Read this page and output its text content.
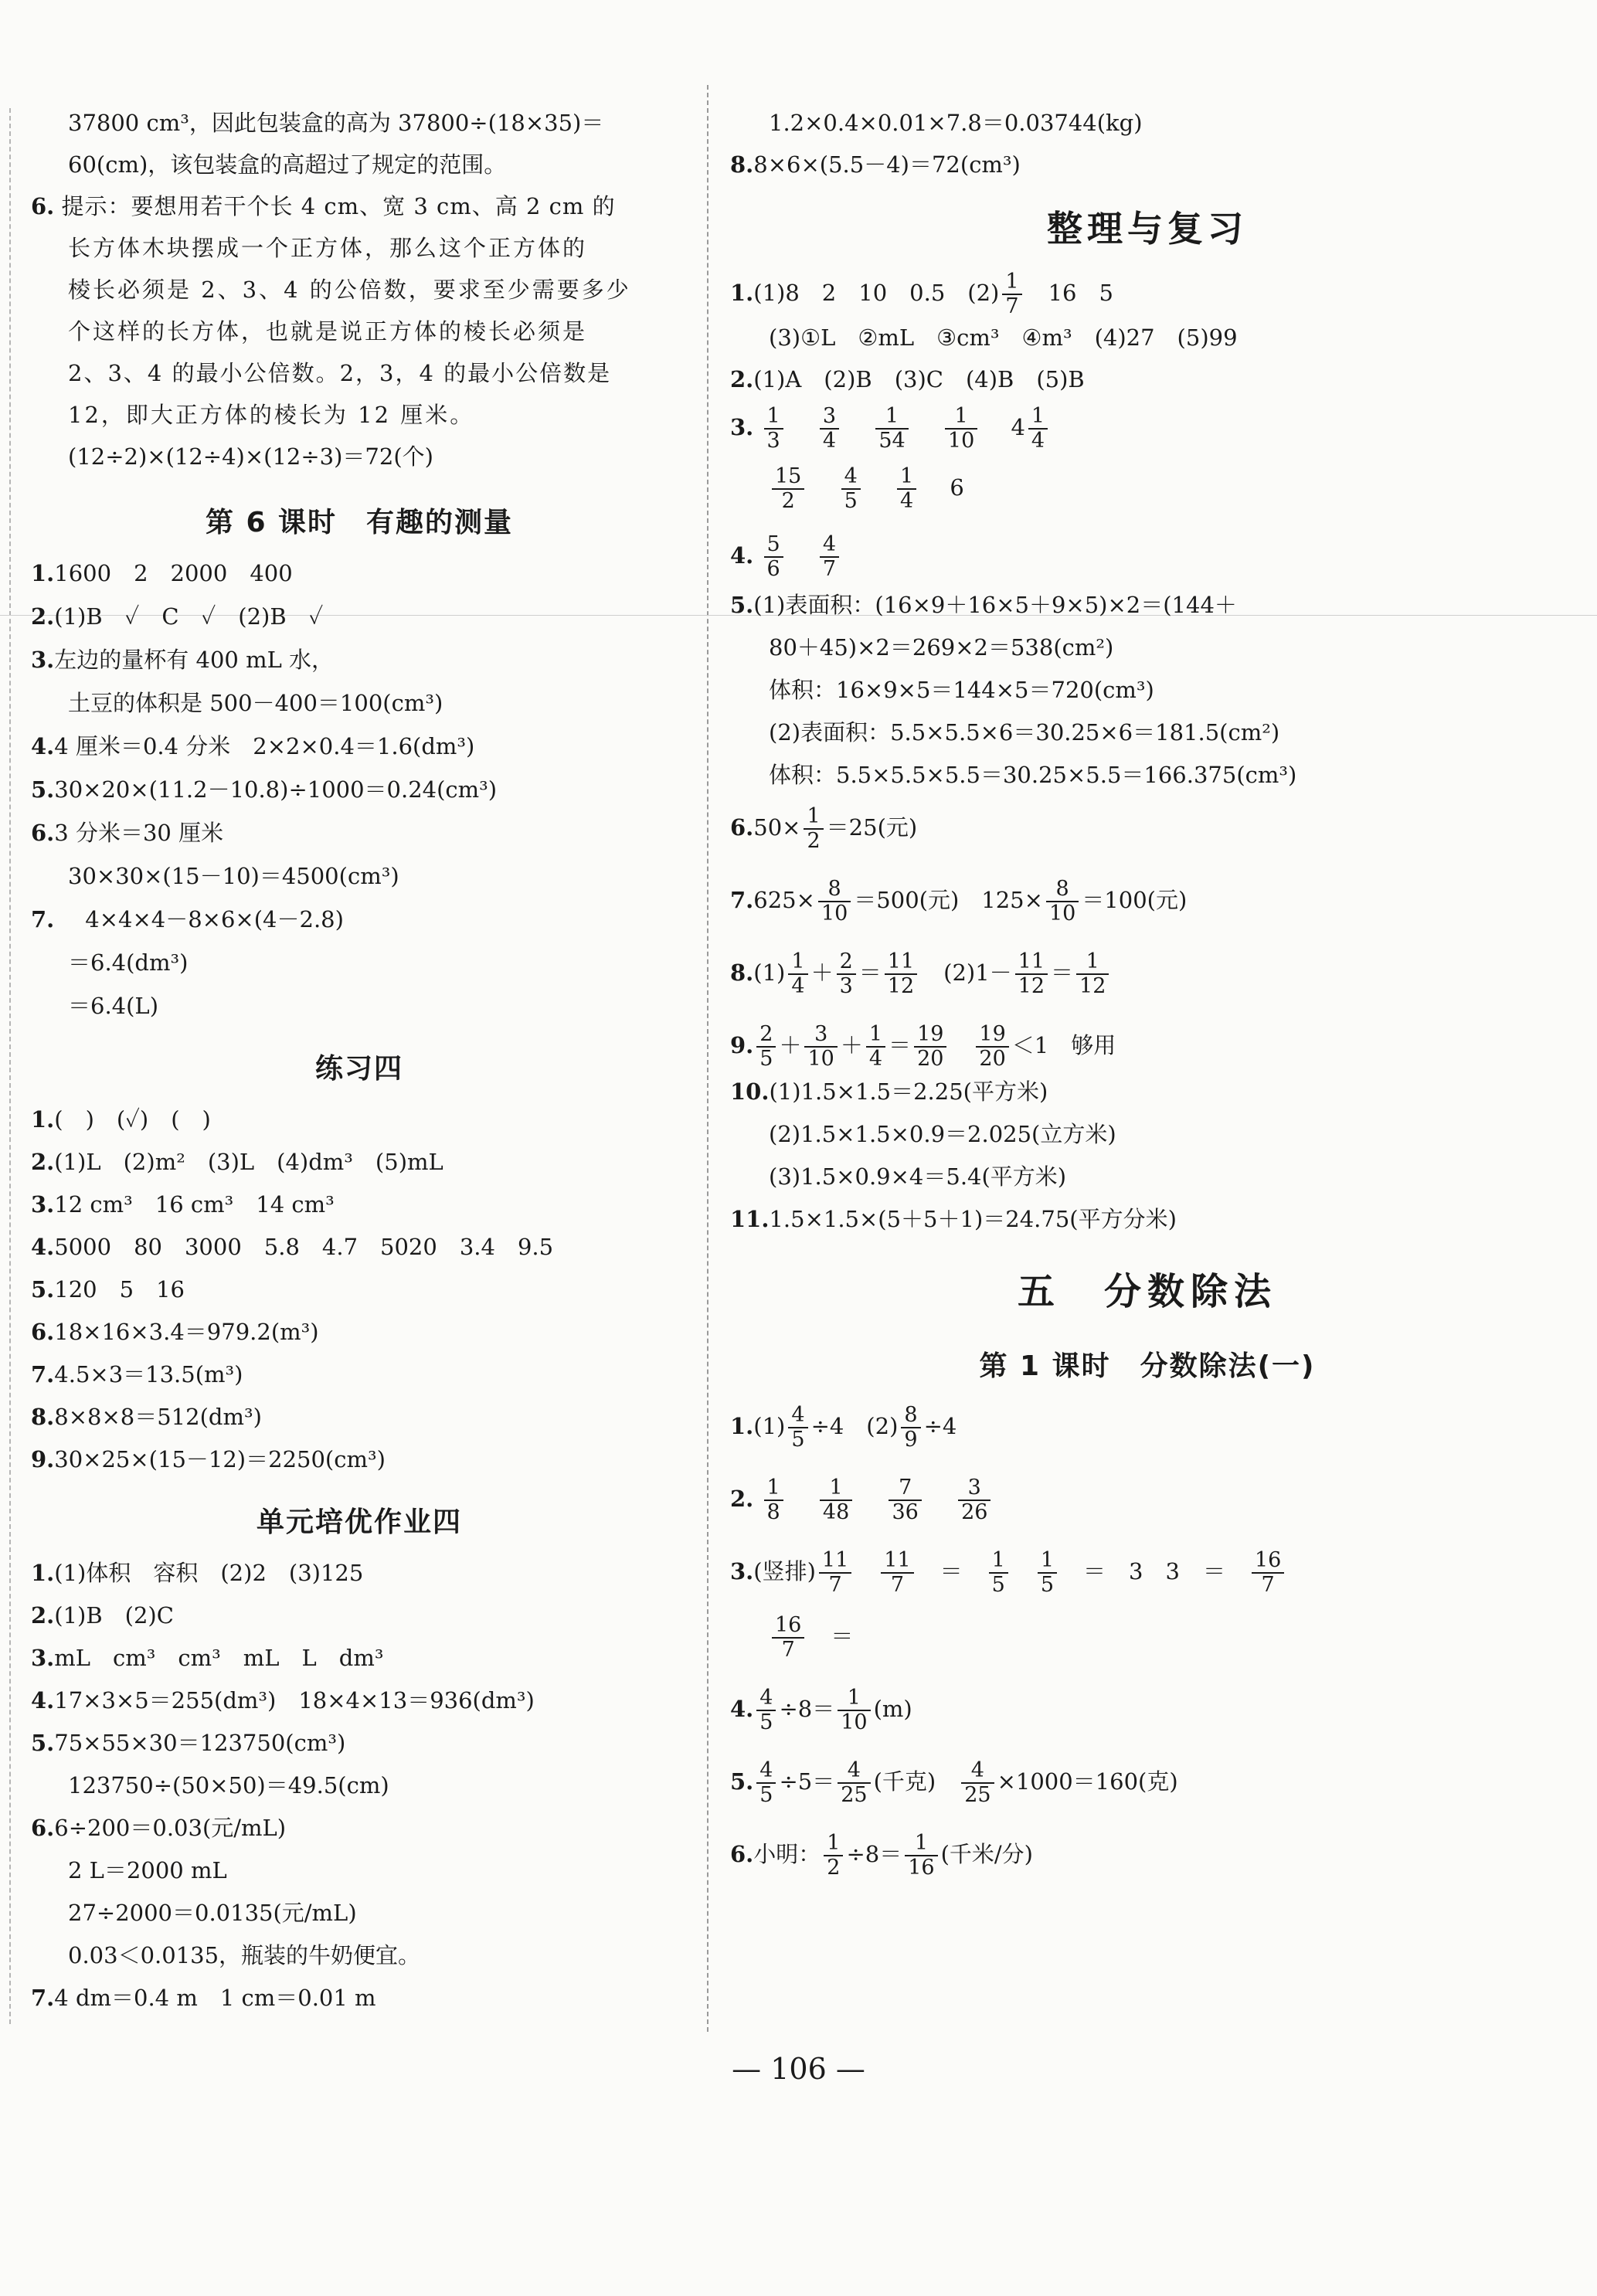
37800 cm³，因此包装盒的高为 37800÷(18×35)＝
60(cm)，该包装盒的高超过了规定的范围。
6. 提示：要想用若干个长 4 cm、宽 3 cm、高 2 cm 的
长方体木块摆成一个正方体，那么这个正方体的
棱长必须是 2、3、4 的公倍数，要求至少需要多少
个这样的长方体，也就是说正方体的棱长必须是
2、3、4 的最小公倍数。2，3，4 的最小公倍数是
12，即大正方体的棱长为 12 厘米。
(12÷2)×(12÷4)×(12÷3)＝72(个)
第 6 课时　有趣的测量
1.1600　2　2000　400
2.(1)B　✓　C　✓　(2)B　✓
3.左边的量杯有 400 mL 水，
土豆的体积是 500－400＝100(cm³)
4.4 厘米＝0.4 分米　2×2×0.4＝1.6(dm³)
5.30×20×(11.2－10.8)÷1000＝0.24(cm³)
6.3 分米＝30 厘米
30×30×(15－10)＝4500(cm³)
7. 4×4×4－8×6×(4－2.8)
＝6.4(dm³)
＝6.4(L)
练习四
1.(　)　(✓)　(　)
2.(1)L　(2)m²　(3)L　(4)dm³　(5)mL
3.12 cm³　16 cm³　14 cm³
4.5000　80　3000　5.8　4.7　5020　3.4　9.5
5.120　5　16
6.18×16×3.4＝979.2(m³)
7.4.5×3＝13.5(m³)
8.8×8×8＝512(dm³)
9.30×25×(15－12)＝2250(cm³)
单元培优作业四
1.(1)体积　容积　(2)2　(3)125
2.(1)B　(2)C
3.mL　cm³　cm³　mL　L　dm³
4.17×3×5＝255(dm³)　18×4×13＝936(dm³)
5.75×55×30＝123750(cm³)
123750÷(50×50)＝49.5(cm)
6.6÷200＝0.03(元/mL)
2 L＝2000 mL
27÷2000＝0.0135(元/mL)
0.03＜0.0135，瓶装的牛奶便宜。
7.4 dm＝0.4 m　1 cm＝0.01 m
1.2×0.4×0.01×7.8＝0.03744(kg)
8.8×6×(5.5－4)＝72(cm³)
整理与复习
1.(1)8　2　10　0.5　$(2) \frac{1}{7} 16$　5
(3)①L　②mL　③cm³　④m³　(4)27　(5)99
2.(1)A　(2)B　(3)C　(4)B　(5)B
3. $\frac{1}{3}$
$\frac{3}{4}$
$\frac{1}{54}$
$\frac{1}{10} 4 \frac{1}{4}$
$\frac{15}{2}$
$\frac{4}{5}$
$\frac{1}{4} 6$
4. $\frac{5}{6}$
$\frac{4}{7}$
5.(1)表面积：(16×9＋16×5＋9×5)×2＝(144＋
80＋45)×2＝269×2＝538(cm²)
体积：16×9×5＝144×5＝720(cm³)
(2)表面积：5.5×5.5×6＝30.25×6＝181.5(cm²)
体积：5.5×5.5×5.5＝30.25×5.5＝166.375(cm³)
$6.50\times \frac{1}{2} =25$(元)
$7.625\times \frac{8}{10} =500$(元)　$125\times \frac{8}{10} =100$(元)
$8.(1) \frac{1}{4} + \frac{2}{3} = \frac{11}{12} (2)1- \frac{11}{12} = \frac{1}{12}$
9. $\frac{2}{5} + \frac{3}{10} + \frac{1}{4} = \frac{19}{20} \frac{19}{20} <1$　够用
10.(1)1.5×1.5＝2.25(平方米)
(2)1.5×1.5×0.9＝2.025(立方米)
(3)1.5×0.9×4＝5.4(平方米)
11.1.5×1.5×(5＋5＋1)＝24.75(平方分米)
五　分数除法
第 1 课时　分数除法(一)
$1.(1) \frac{4}{5} \div 4$　$(2) \frac{8}{9} \div 4$
2. $\frac{1}{8}$
$\frac{1}{48}$
$\frac{7}{36}$
$\frac{3}{26}$
3.(竖排) $\frac{11}{7} \frac{11}{7} = \frac{1}{5} \frac{1}{5} = 3$　$3 = \frac{16}{7}$
$\frac{16}{7}$ ＝
4. $\frac{4}{5} \div 8= \frac{1}{10} (m)$
5. $\frac{4}{5} \div 5= \frac{4}{25}$ (千克)　 $\frac{4}{25} \times 1000=160$(克)
6.小明： $\frac{1}{2} \div 8= \frac{1}{16}$ (千米/分)
— 106 —
